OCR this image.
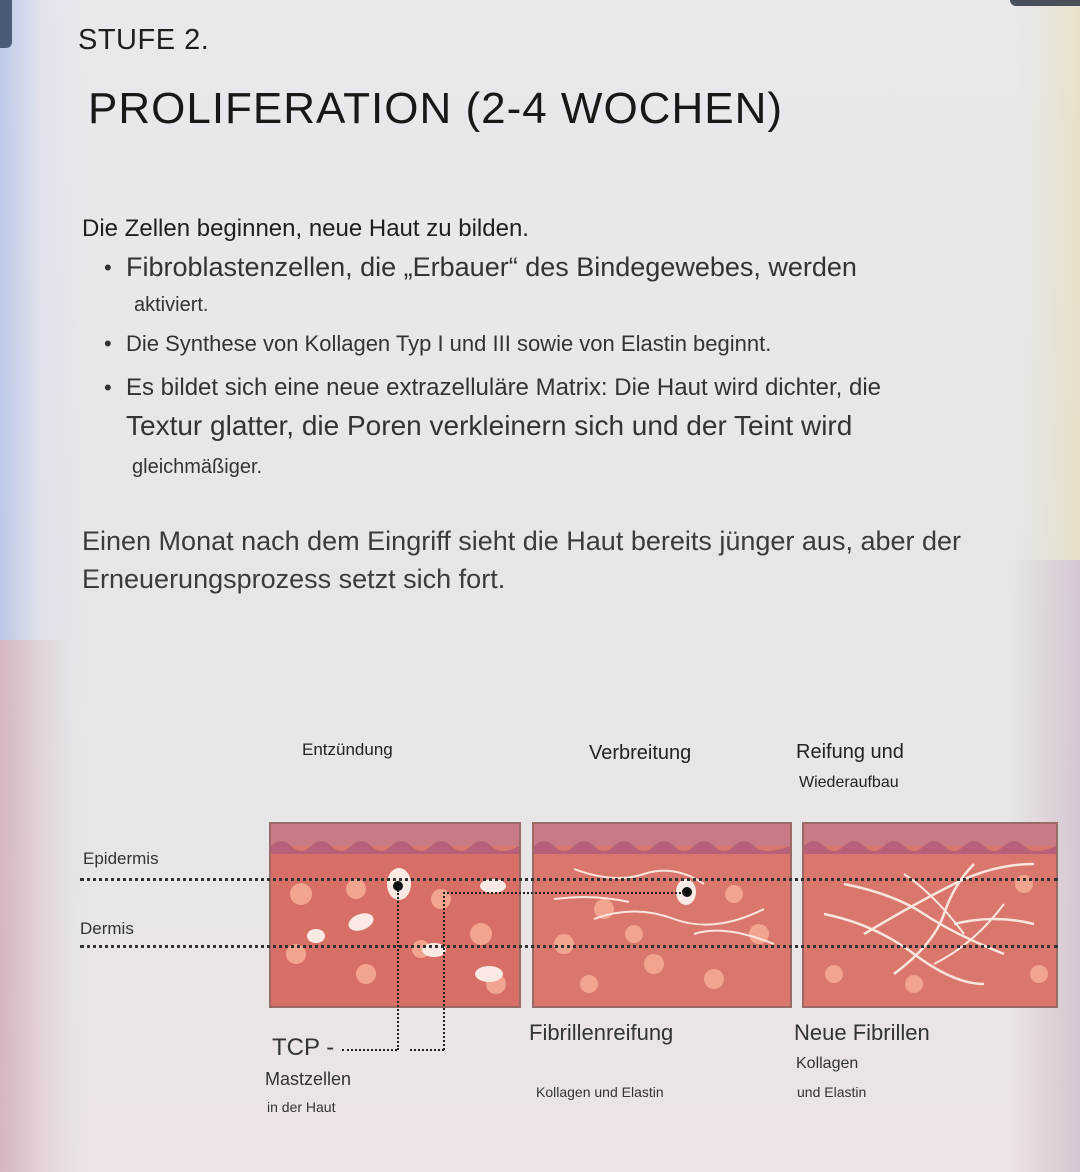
STUFE 2.
PROLIFERATION (2-4 WOCHEN)

Die Zellen beginnen, neue Haut zu bilden.

• Fibroblastenzellen, die „Erbauer“ des Bindegewebes, werden
aktiviert.
• Die Synthese von Kollagen Typ I und III sowie von Elastin beginnt.
• Es bildet sich eine neue extrazelluläre Matrix: Die Haut wird dichter, die
Textur glatter, die Poren verkleinern sich und der Teint wird
gleichmäßiger.

Einen Monat nach dem Eingriff sieht die Haut bereits jünger aus, aber der Erneuerungsprozess setzt sich fort.

Entzündung	Verbreitung	Reifung und
Wiederaufbau
Epidermis
Dermis
TCP -
Mastzellen
in der Haut
Fibrillenreifung
Kollagen und Elastin
Neue Fibrillen
Kollagen
und Elastin
